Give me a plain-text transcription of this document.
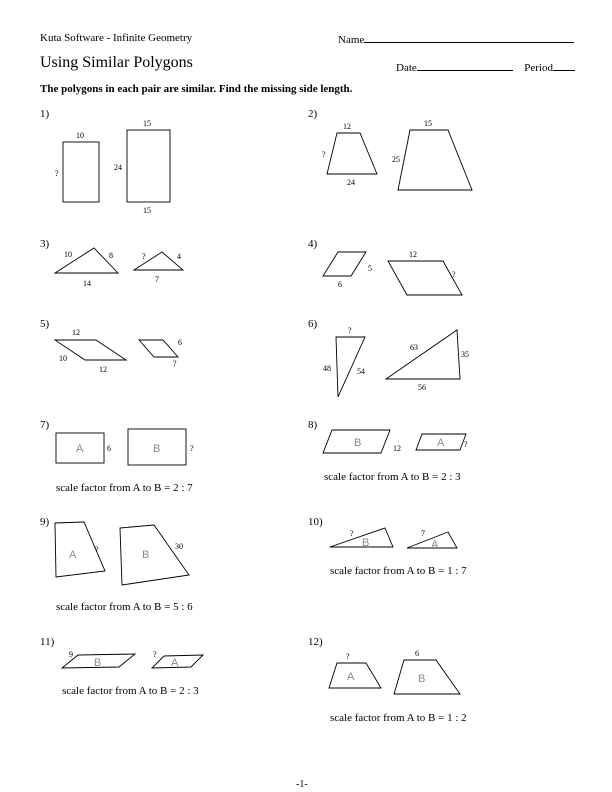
Kuta Software - Infinite Geometry	Name
Using Similar Polygons	Date	Period
The polygons in each pair are similar. Find the missing side length.
1)	2)
3)	4)
5)	6)
7)	8)
9)	10)
11)	12)
scale factor from A to B = 2 : 7
scale factor from A to B = 2 : 3
scale factor from A to B = 5 : 6
scale factor from A to B = 1 : 7
scale factor from A to B = 2 : 3
scale factor from A to B = 1 : 2
-1-
10
?
15
24
15
12
?
24
15
25
10	8
14
?	4
7
5
6
12
?
12
10
12
6
?
?
48	54
63
35
56
A	B
6	?	B	A
12	?
A	B
?	30	B	A
?	7
B	A
9	?
A	B
?	6
